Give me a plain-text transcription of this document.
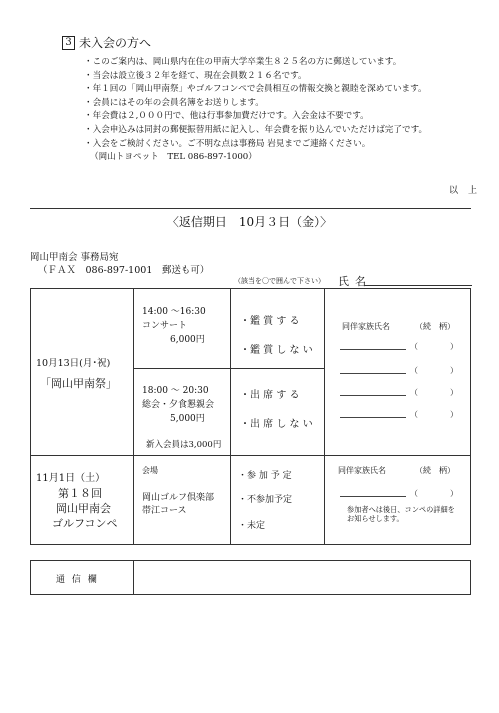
3 未入会の方へ
・このご案内は、岡山県内在住の甲南大学卒業生８２５名の方に郵送しています。
・当会は設立後３２年を経て、現在会員数２１６名です。
・年１回の「岡山甲南祭」やゴルフコンペで会員相互の情報交換と親睦を深めています。
・会員にはその年の会員名簿をお送りします。
・年会費は２,０００円で、他は行事参加費だけです。入会金は不要です。
・入会申込みは同封の郵便振替用紙に記入し、年会費を振り込んでいただけば完了です。
・入会をご検討ください。ご不明な点は事務局 岩見までご連絡ください。
（岡山トヨペット　TEL 086-897-1000）
以上
〈返信期日　10月３日（金）〉
岡山甲南会 事務局宛
（ＦＡＸ　086-897-1001　郵送も可）
（該当を〇で囲んで下さい） 氏名
10月13日(月･祝)
「岡山甲南祭」
14:00 ～16:30
コンサート
6,000円
18:00 ～ 20:30
総会・夕食懇親会
5,000円
新入会員は3,000円
・鑑 賞 す る
・鑑 賞 し な い
・出 席 す る
・出 席 し な い
同伴家族氏名	（続　柄）
（　　　　）
（　　　　）
（　　　　）
（　　　　）
11月1日（土）
第１８回
岡山甲南会
ゴルフコンペ
会場
岡山ゴルフ倶楽部
帯江コース
・参 加 予 定
・不参加予定
・未定
同伴家族氏名	（続　柄）
（　　　　）
参加者へは後日、コンペの詳細を
お知らせします。
通 信 欄
